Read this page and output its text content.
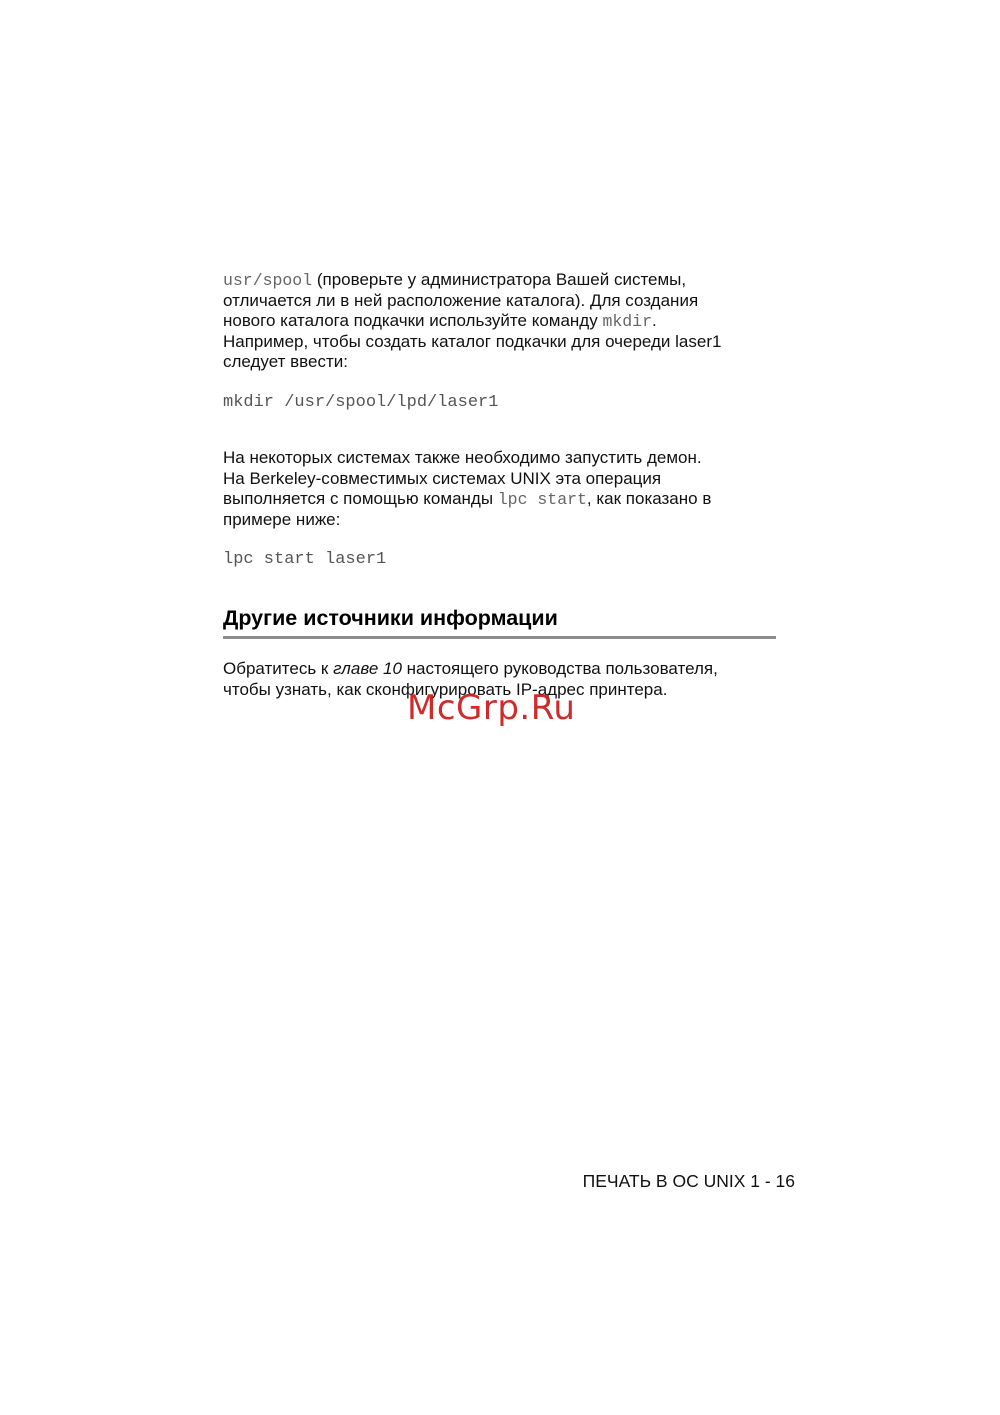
usr/spool (проверьте у администратора Вашей системы,
отличается ли в ней расположение каталога). Для создания
нового каталога подкачки используйте команду mkdir.
Например, чтобы создать каталог подкачки для очереди laser1
следует ввести:
mkdir /usr/spool/lpd/laser1
На некоторых системах также необходимо запустить демон.
На Berkeley-совместимых системах UNIX эта операция
выполняется с помощью команды lpc start, как показано в
примере ниже:
lpc start laser1
Другие источники информации
Обратитесь к главе 10 настоящего руководства пользователя,
чтобы узнать, как сконфигурировать IP-адрес принтера.
McGrp.Ru
ПЕЧАТЬ В ОС UNIX 1 - 16
